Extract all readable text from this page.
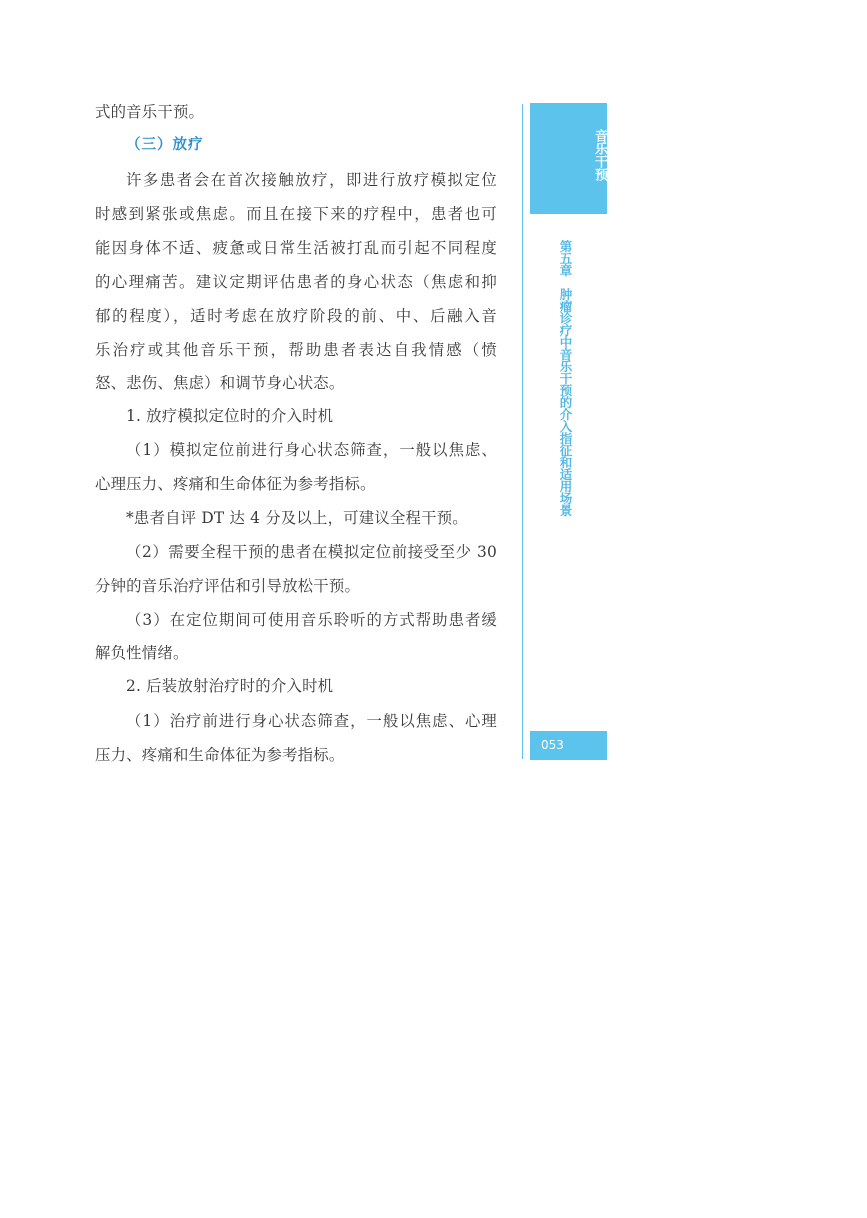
式的音乐干预。
（三）放疗
许多患者会在首次接触放疗，即进行放疗模拟定位
时感到紧张或焦虑。而且在接下来的疗程中，患者也可
能因身体不适、疲惫或日常生活被打乱而引起不同程度
的心理痛苦。建议定期评估患者的身心状态（焦虑和抑
郁的程度），适时考虑在放疗阶段的前、中、后融入音
乐治疗或其他音乐干预，帮助患者表达自我情感（愤
怒、悲伤、焦虑）和调节身心状态。
1. 放疗模拟定位时的介入时机
（1）模拟定位前进行身心状态筛查，一般以焦虑、
心理压力、疼痛和生命体征为参考指标。
*患者自评 DT 达 4 分及以上，可建议全程干预。
（2）需要全程干预的患者在模拟定位前接受至少 30
分钟的音乐治疗评估和引导放松干预。
（3）在定位期间可使用音乐聆听的方式帮助患者缓
解负性情绪。
2. 后装放射治疗时的介入时机
（1）治疗前进行身心状态筛查，一般以焦虑、心理
压力、疼痛和生命体征为参考指标。
音乐干预
第五章　肿瘤诊疗中音乐干预的介入指征和适用场景
053
